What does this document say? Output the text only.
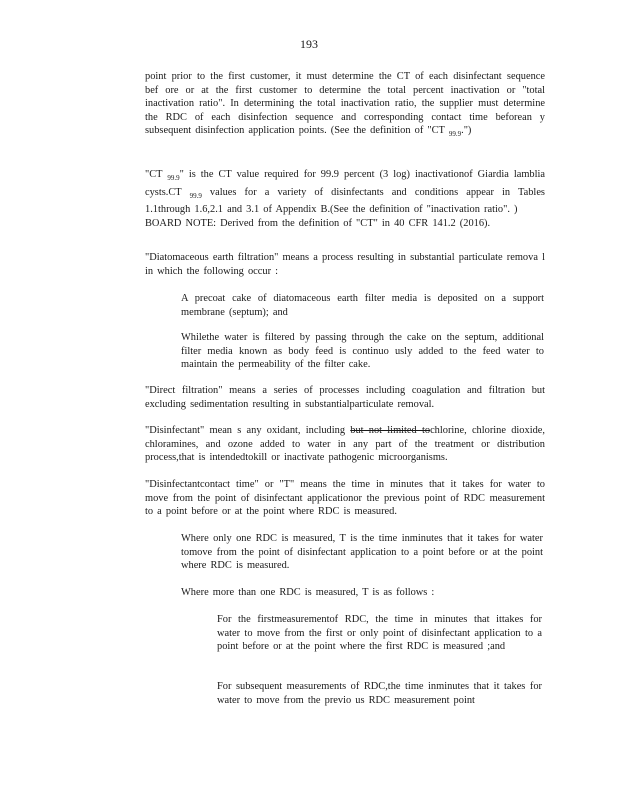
193

point prior to the first customer, it must determine the CT of each disinfectant sequence bef ore or at the first customer to determine the total percent inactivation or "total inactivation ratio". In determining the total inactivation ratio, the supplier must determine the RDC of each disinfection sequence and corresponding contact time beforean y subsequent disinfection application points. (See the definition of "CT $_{99.9}$.")

"CT $_{99.9}$" is the CT value required for 99.9 percent (3 log) inactivationof Giardia lamblia cysts.CT $_{99.9}$ values for a variety of disinfectants and conditions appear in Tables 1.1through 1.6,2.1 and 3.1 of Appendix B.(See the definition of "inactivation ratio". )

BOARD NOTE: Derived from the definition of "CT" in 40 CFR 141.2 (2016).

"Diatomaceous earth filtration" means a process resulting in substantial particulate remova l in which the following occur :
A precoat cake of diatomaceous earth filter media is deposited on a support membrane (septum); and
Whilethe water is filtered by passing through the cake on the septum, additional filter media known as body feed is continuo usly added to the feed water to maintain the permeability of the filter cake.
"Direct filtration" means a series of processes including coagulation and filtration but excluding sedimentation resulting in substantialparticulate removal.

"Disinfectant" mean s any oxidant, including but not limited tochlorine, chlorine dioxide, chloramines, and ozone added to water in any part of the treatment or distribution process,that is intendedtokill or inactivate pathogenic microorganisms.

"Disinfectantcontact time" or "T" means the time in minutes that it takes for water to move from the point of disinfectant applicationor the previous point of RDC measurement to a point before or at the point where RDC is measured.
Where only one RDC is measured, T is the time inminutes that it takes for water tomove from the point of disinfectant application to a point before or at the point where RDC is measured.
Where more than one RDC is measured, T is as follows :
For the firstmeasurementof RDC, the time in minutes that ittakes for water to move from the first or only point of disinfectant application to a point before or at the point where the first RDC is measured ;and
For subsequent measurements of RDC,the time inminutes that it takes for water to move from the previo us RDC measurement point
